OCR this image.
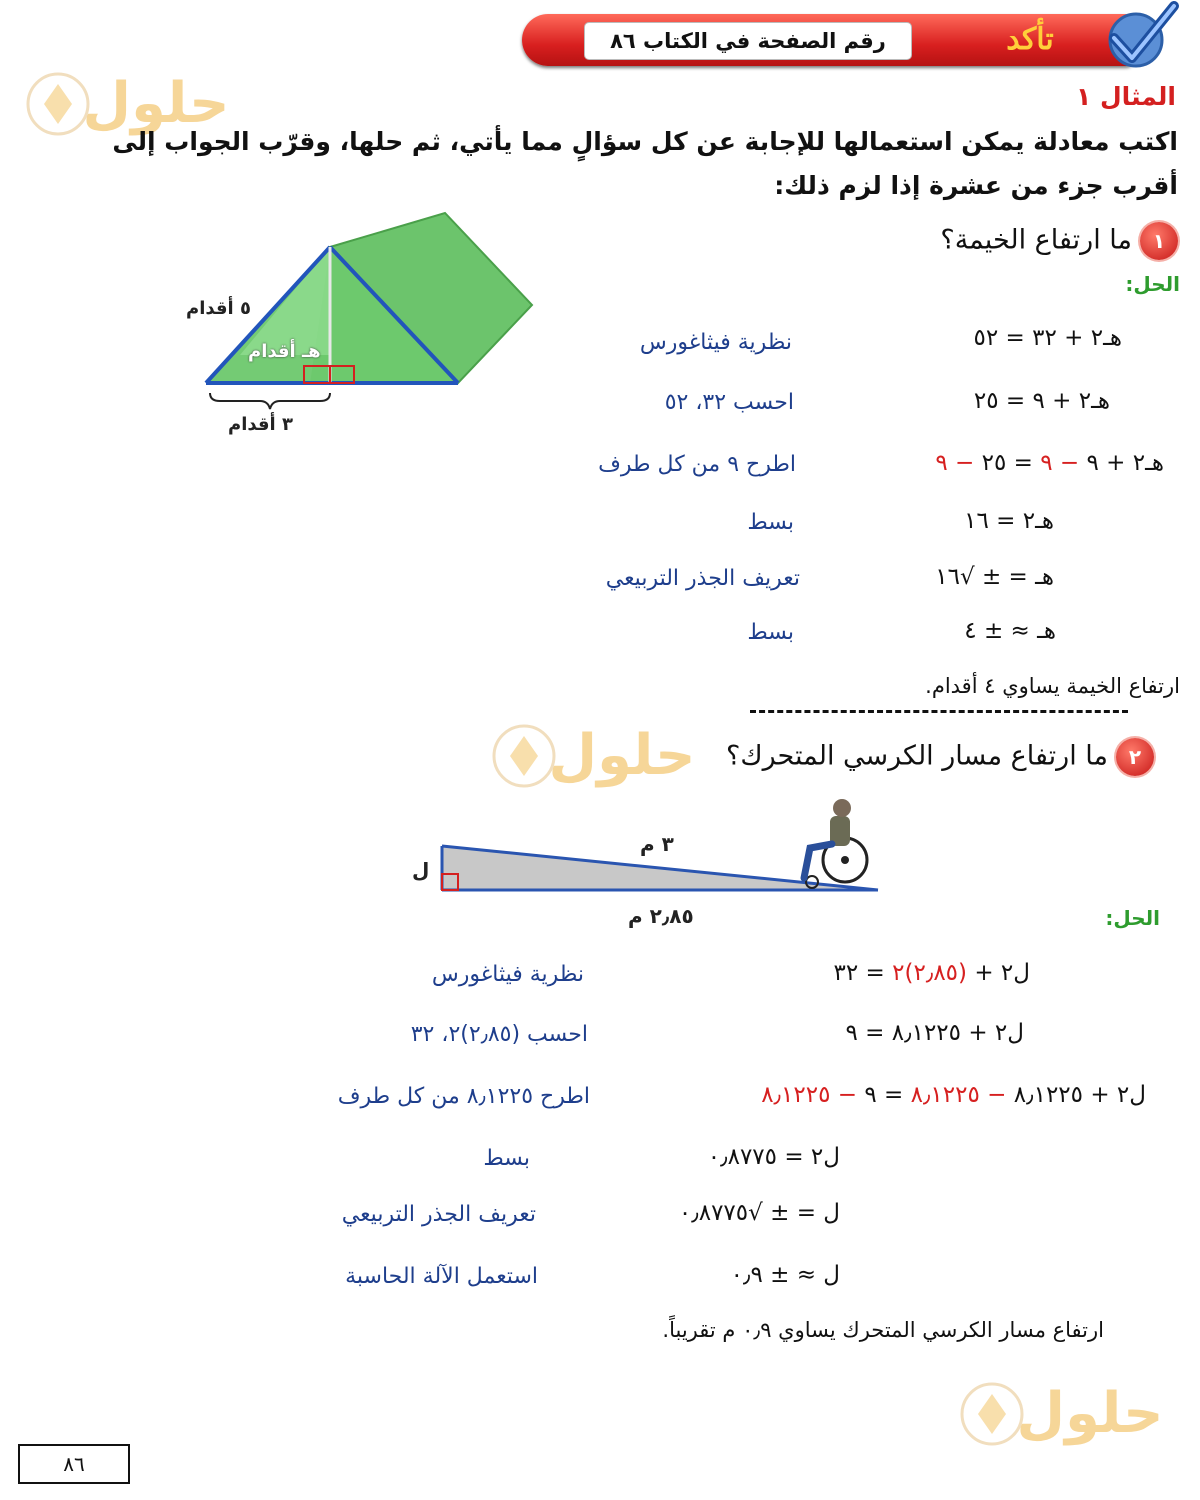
رقم الصفحة في الكتاب ٨٦	تأكد
حلول
حلول
حلول
المثال ١
اكتب معادلة يمكن استعمالها للإجابة عن كل سؤالٍ مما يأتي، ثم حلها، وقرّب الجواب إلى أقرب جزء من عشرة إذا لزم ذلك:
١ما ارتفاع الخيمة؟
٥ أقدام
هـ أقدام
٣ أقدام
الحل:
هـ٢ + ٣٢ = ٥٢
نظرية فيثاغورس
هـ٢ + ٩ = ٢٥
احسب ٣٢، ٥٢
هـ٢ + ٩ − ٩ = ٢٥ − ٩
اطرح ٩ من كل طرف
هـ٢ = ١٦
بسط
هـ = ± √١٦
تعريف الجذر التربيعي
هـ ≈ ± ٤
بسط
ارتفاع الخيمة يساوي ٤ أقدام.
٢ما ارتفاع مسار الكرسي المتحرك؟
٣ م
٢٫٨٥ م
ل
الحل:
ل٢ + (٢٫٨٥)٢ = ٣٢
نظرية فيثاغورس
ل٢ + ٨٫١٢٢٥ = ٩
احسب (٢٫٨٥)٢، ٣٢
ل٢ + ٨٫١٢٢٥ − ٨٫١٢٢٥ = ٩ − ٨٫١٢٢٥
اطرح ٨٫١٢٢٥ من كل طرف
ل٢ = ٠٫٨٧٧٥
بسط
ل = ± √٠٫٨٧٧٥
تعريف الجذر التربيعي
ل ≈ ± ٠٫٩
استعمل الآلة الحاسبة
ارتفاع مسار الكرسي المتحرك يساوي ٠٫٩ م تقريباً.
٨٦
